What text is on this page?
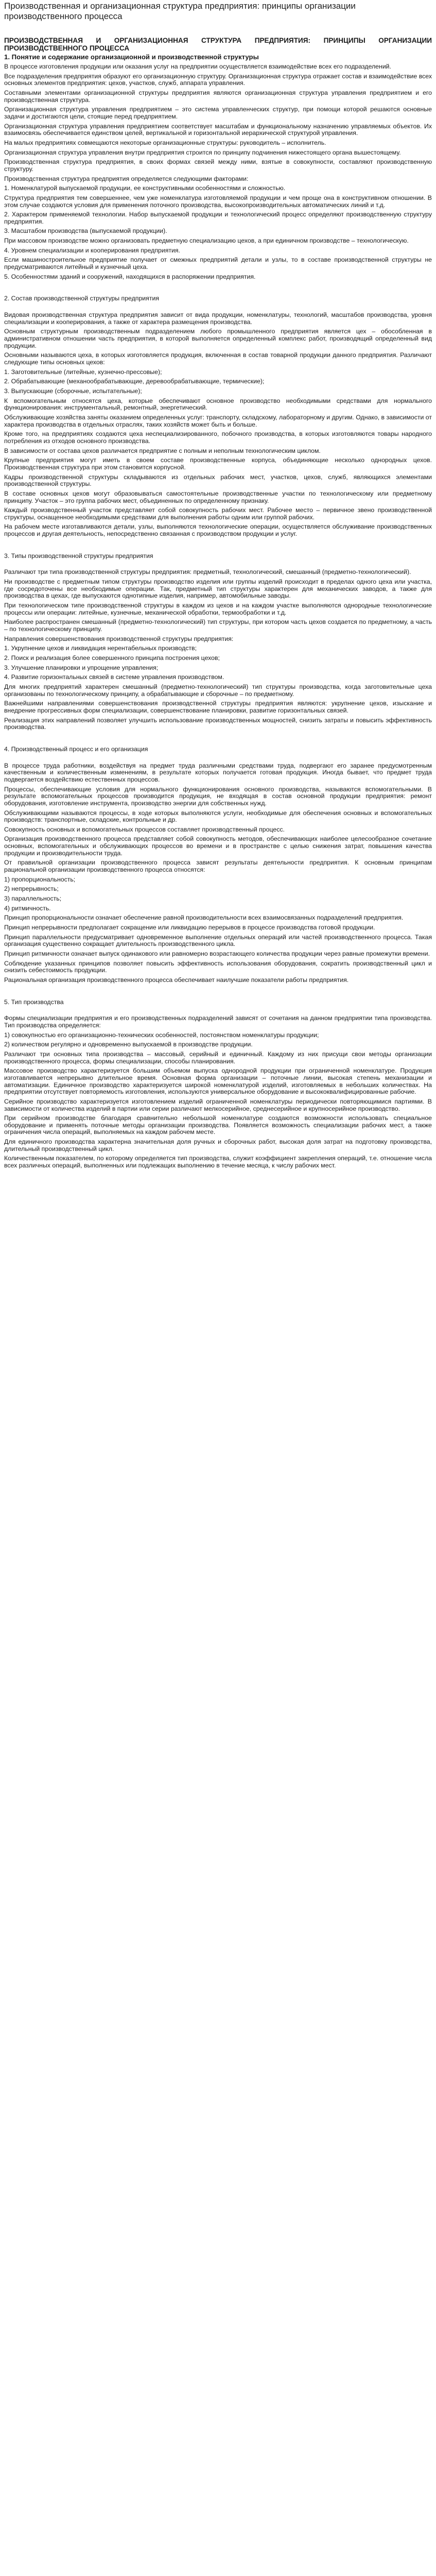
Производственная и организационная структура предприятия: принципы организации производственного процесса
ПРОИЗВОДСТВЕННАЯ И ОРГАНИЗАЦИОННАЯ СТРУКТУРА ПРЕДПРИЯТИЯ: ПРИНЦИПЫ ОРГАНИЗАЦИИ ПРОИЗВОДСТВЕННОГО ПРОЦЕССА
1. Понятие и содержание организационной и производственной структуры

В процессе изготовления продукции или оказания услуг на предприятии осуществляется взаимодействие всех его подразделений.

Все подразделения предприятия образуют его организационную структуру. Организационная структура отражает состав и взаимодействие всех основных элементов предприятия: цехов, участков, служб, аппарата управления.

Составными элементами организационной структуры предприятия являются организационная структура управления предприятием и его производственная структура.

Организационная структура управления предприятием – это система управленческих структур, при помощи которой решаются основные задачи и достигаются цели, стоящие перед предприятием.

Организационная структура управления предприятием соответствует масштабам и функциональному назначению управляемых объектов. Их взаимосвязь обеспечивается единством целей, вертикальной и горизонтальной иерархической структурой управления.

На малых предприятиях совмещаются некоторые организационные структуры: руководитель – исполнитель.

Организационная структура управления внутри предприятия строится по принципу подчинения нижестоящего органа вышестоящему.

Производственная структура предприятия, в своих формах связей между ними, взятые в совокупности, составляют производственную структуру.

Производственная структура предприятия определяется следующими факторами:

1. Номенклатурой выпускаемой продукции, ее конструктивными особенностями и сложностью.

Структура предприятия тем совершеннее, чем уже номенклатура изготовляемой продукции и чем проще она в конструктивном отношении. В этом случае создаются условия для применения поточного производства, высокопроизводительных автоматических линий и т.д.

2. Характером применяемой технологии. Набор выпускаемой продукции и технологический процесс определяют производственную структуру предприятия.

3. Масштабом производства (выпускаемой продукции).

При массовом производстве можно организовать предметную специализацию цехов, а при единичном производстве – технологическую.

4. Уровнем специализации и кооперирования предприятия.

Если машиностроительное предприятие получает от смежных предприятий детали и узлы, то в составе производственной структуры не предусматриваются литейный и кузнечный цеха.

5. Особенностями зданий и сооружений, находящихся в распоряжении предприятия.

2. Состав производственной структуры предприятия

Видовая производственная структура предприятия зависит от вида продукции, номенклатуры, технологий, масштабов производства, уровня специализации и кооперирования, а также от характера размещения производства.

Основным структурным производственным подразделением любого промышленного предприятия является цех – обособленная в административном отношении часть предприятия, в которой выполняется определенный комплекс работ, производящий определенный вид продукции.

Основными называются цеха, в которых изготовляется продукция, включенная в состав товарной продукции данного предприятия. Различают следующие типы основных цехов:

1. Заготовительные (литейные, кузнечно-прессовые);

2. Обрабатывающие (механообрабатывающие, деревообрабатывающие, термические);

3. Выпускающие (сборочные, испытательные);

К вспомогательным относятся цеха, которые обеспечивают основное производство необходимыми средствами для нормального функционирования: инструментальный, ремонтный, энергетический.

Обслуживающие хозяйства заняты оказанием определенных услуг: транспорту, складскому, лабораторному и другим. Однако, в зависимости от характера производства в отдельных отраслях, таких хозяйств может быть и больше.

Кроме того, на предприятиях создаются цеха неспециализированного, побочного производства, в которых изготовляются товары народного потребления из отходов основного производства.

В зависимости от состава цехов различается предприятие с полным и неполным технологическим циклом.

Крупные предприятия могут иметь в своем составе производственные корпуса, объединяющие несколько однородных цехов. Производственная структура при этом становится корпусной.

Кадры производственной структуры складываются из отдельных рабочих мест, участков, цехов, служб, являющихся элементами производственной структуры.

В составе основных цехов могут образовываться самостоятельные производственные участки по технологическому или предметному принципу. Участок – это группа рабочих мест, объединенных по определенному признаку.

Каждый производственный участок представляет собой совокупность рабочих мест. Рабочее место – первичное звено производственной структуры, оснащенное необходимыми средствами для выполнения работы одним или группой рабочих.

На рабочем месте изготавливаются детали, узлы, выполняются технологические операции, осуществляется обслуживание производственных процессов и другая деятельность, непосредственно связанная с производством продукции и услуг.

3. Типы производственной структуры предприятия

Различают три типа производственной структуры предприятия: предметный, технологический, смешанный (предметно-технологический).

Ни производстве с предметным типом структуры производство изделия или группы изделий происходит в пределах одного цеха или участка, где сосредоточены все необходимые операции. Так, предметный тип структуры характерен для механических заводов, а также для производства в цехах, где выпускаются однотипные изделия, например, автомобильные заводы.

При технологическом типе производственной структуры в каждом из цехов и на каждом участке выполняются однородные технологические процессы или операции: литейные, кузнечные, механической обработки, термообработки и т.д.

Наиболее распространен смешанный (предметно-технологический) тип структуры, при котором часть цехов создается по предметному, а часть – по технологическому принципу.

Направления совершенствования производственной структуры предприятия:

1. Укрупнение цехов и ликвидация нерентабельных производств;

2. Поиск и реализация более совершенного принципа построения цехов;

3. Улучшение планировки и упрощение управления;

4. Развитие горизонтальных связей в системе управления производством.

Для многих предприятий характерен смешанный (предметно-технологический) тип структуры производства, когда заготовительные цеха организованы по технологическому принципу, а обрабатывающие и сборочные – по предметному.

Важнейшими направлениями совершенствования производственной структуры предприятия являются: укрупнение цехов, изыскание и внедрение прогрессивных форм специализации, совершенствование планировки, развитие горизонтальных связей.

Реализация этих направлений позволяет улучшить использование производственных мощностей, снизить затраты и повысить эффективность производства.

4. Производственный процесс и его организация

В процессе труда работники, воздействуя на предмет труда различными средствами труда, подвергают его заранее предусмотренным качественным и количественным изменениям, в результате которых получается готовая продукция. Иногда бывает, что предмет труда подвергается воздействию естественных процессов.

Процессы, обеспечивающие условия для нормального функционирования основного производства, называются вспомогательными. В результате вспомогательных процессов производится продукция, не входящая в состав основной продукции предприятия: ремонт оборудования, изготовление инструмента, производство энергии для собственных нужд.

Обслуживающими называются процессы, в ходе которых выполняются услуги, необходимые для обеспечения основных и вспомогательных производств: транспортные, складские, контрольные и др.

Совокупность основных и вспомогательных процессов составляет производственный процесс.

Организация производственного процесса представляет собой совокупность методов, обеспечивающих наиболее целесообразное сочетание основных, вспомогательных и обслуживающих процессов во времени и в пространстве с целью снижения затрат, повышения качества продукции и производительности труда.

От правильной организации производственного процесса зависят результаты деятельности предприятия. К основным принципам рациональной организации производственного процесса относятся:

1) пропорциональность;

2) непрерывность;

3) параллельность;

4) ритмичность.

Принцип пропорциональности означает обеспечение равной производительности всех взаимосвязанных подразделений предприятия.

Принцип непрерывности предполагает сокращение или ликвидацию перерывов в процессе производства готовой продукции.

Принцип параллельности предусматривает одновременное выполнение отдельных операций или частей производственного процесса. Такая организация существенно сокращает длительность производственного цикла.

Принцип ритмичности означает выпуск одинакового или равномерно возрастающего количества продукции через равные промежутки времени.

Соблюдение указанных принципов позволяет повысить эффективность использования оборудования, сократить производственный цикл и снизить себестоимость продукции.

Рациональная организация производственного процесса обеспечивает наилучшие показатели работы предприятия.

5. Тип производства

Формы специализации предприятия и его производственных подразделений зависят от сочетания на данном предприятии типа производства. Тип производства определяется:

1) совокупностью его организационно-технических особенностей, постоянством номенклатуры продукции;

2) количеством регулярно и одновременно выпускаемой в производстве продукции.

Различают три основных типа производства – массовый, серийный и единичный. Каждому из них присущи свои методы организации производственного процесса, формы специализации, способы планирования.

Массовое производство характеризуется большим объемом выпуска однородной продукции при ограниченной номенклатуре. Продукция изготавливается непрерывно длительное время. Основная форма организации – поточные линии, высокая степень механизации и автоматизации. Единичное производство характеризуется широкой номенклатурой изделий, изготовляемых в небольших количествах. На предприятии отсутствует повторяемость изготовления, используются универсальное оборудование и высококвалифицированные рабочие.

Серийное производство характеризуется изготовлением изделий ограниченной номенклатуры периодически повторяющимися партиями. В зависимости от количества изделий в партии или серии различают мелкосерийное, среднесерийное и крупносерийное производство.

При серийном производстве благодаря сравнительно небольшой номенклатуре создаются возможности использовать специальное оборудование и применять поточные методы организации производства. Появляется возможность специализации рабочих мест, а также ограничения числа операций, выполняемых на каждом рабочем месте.

Для единичного производства характерна значительная доля ручных и сборочных работ, высокая доля затрат на подготовку производства, длительный производственный цикл.

Количественным показателем, по которому определяется тип производства, служит коэффициент закрепления операций, т.е. отношение числа всех различных операций, выполненных или подлежащих выполнению в течение месяца, к числу рабочих мест.
